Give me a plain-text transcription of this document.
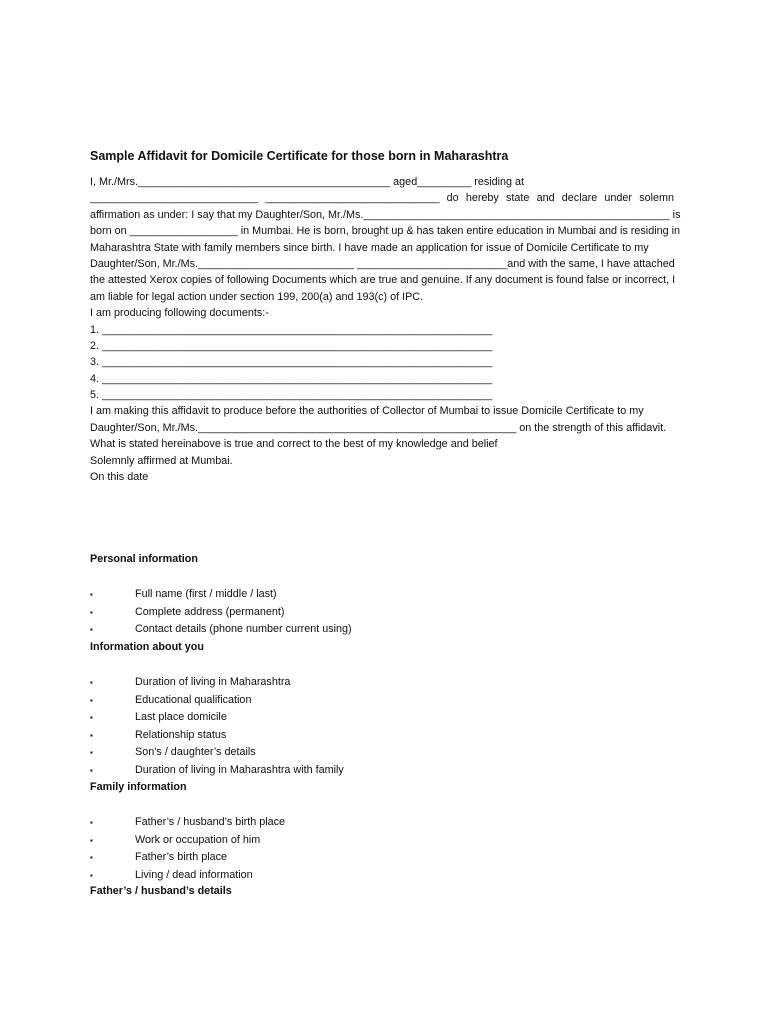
Sample Affidavit for Domicile Certificate for those born in Maharashtra
I, Mr./Mrs.__________________________________________ aged_________ residing at
____________________________ _____________________________ do hereby state and declare under solemn
affirmation as under: I say that my Daughter/Son, Mr./Ms.___________________________________________________ is
born on __________________ in Mumbai. He is born, brought up & has taken entire education in Mumbai and is residing in
Maharashtra State with family members since birth. I have made an application for issue of Domicile Certificate to my
Daughter/Son, Mr./Ms.__________________________ _________________________and with the same, I have attached
the attested Xerox copies of following Documents which are true and genuine. If any document is found false or incorrect, I
am liable for legal action under section 199, 200(a) and 193(c) of IPC.
I am producing following documents:-
1. _________________________________________________________________
2. _________________________________________________________________
3. _________________________________________________________________
4. _________________________________________________________________
5. _________________________________________________________________
I am making this affidavit to produce before the authorities of Collector of Mumbai to issue Domicile Certificate to my
Daughter/Son, Mr./Ms._____________________________________________________ on the strength of this affidavit.
What is stated hereinabove is true and correct to the best of my knowledge and belief
Solemnly affirmed at Mumbai.
On this date
Personal information
▪	Full name (first / middle / last)
▪	Complete address (permanent)
▪	Contact details (phone number current using)
Information about you
▪	Duration of living in Maharashtra
▪	Educational qualification
▪	Last place domicile
▪	Relationship status
▪	Son’s / daughter’s details
▪	Duration of living in Maharashtra with family
Family information
▪	Father’s / husband’s birth place
▪	Work or occupation of him
▪	Father’s birth place
▪	Living / dead information
Father’s / husband’s details
